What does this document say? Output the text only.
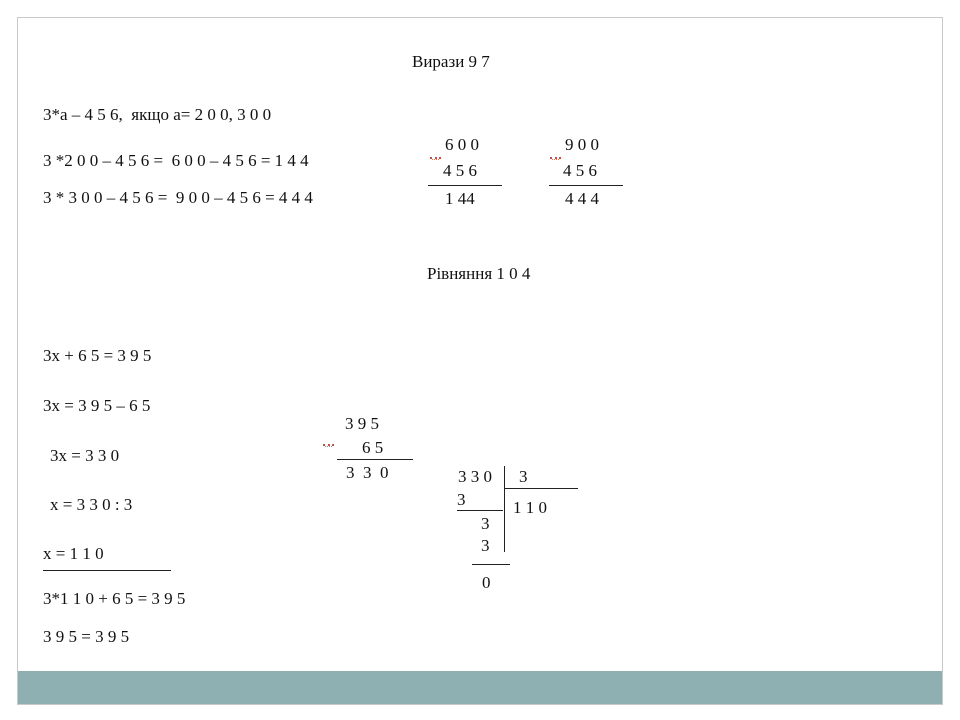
Вирази 9 7
3*а – 4 5 6,  якщо а= 2 0 0, 3 0 0
3 *2 0 0 – 4 5 6 =  6 0 0 – 4 5 6 = 1 4 4
3 * 3 0 0 – 4 5 6 =  9 0 0 – 4 5 6 = 4 4 4
6 0 0
4 5 6
1 44
9 0 0
4 5 6
4 4 4
Рівняння 1 0 4
3х + 6 5 = 3 9 5
3х = 3 9 5 – 6 5
3х = 3 3 0
х = 3 3 0 : 3
х = 1 1 0
3*1 1 0 + 6 5 = 3 9 5
3 9 5 = 3 9 5
3 9 5
6 5
3  3  0	3 3 0 3
3	1 1 0
3
3
0
